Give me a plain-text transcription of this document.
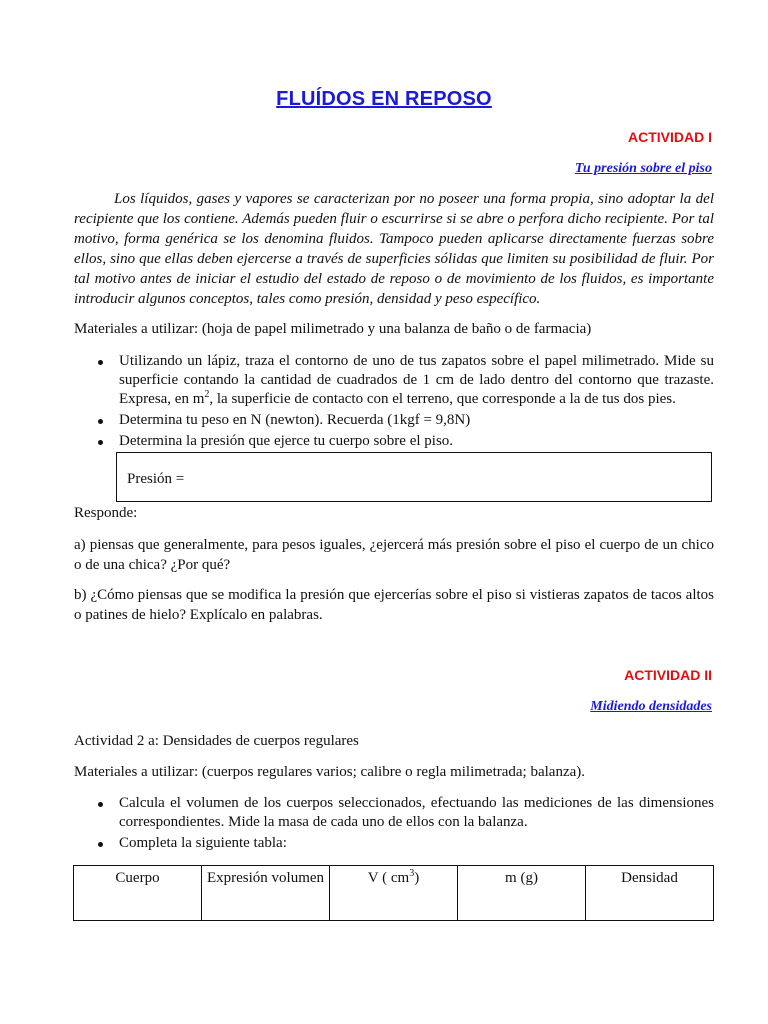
FLUÍDOS EN REPOSO
ACTIVIDAD I
Tu presión sobre el piso

Los líquidos, gases y vapores se caracterizan por no poseer una forma propia, sino adoptar la del recipiente que los contiene. Además pueden fluir o escurrirse si se abre o perfora dicho recipiente. Por tal motivo, forma genérica se los denomina fluidos. Tampoco pueden aplicarse directamente fuerzas sobre ellos, sino que ellas deben ejercerse a través de superficies sólidas que limiten su posibilidad de fluir. Por tal motivo antes de iniciar el estudio del estado de reposo o de movimiento de los fluidos, es importante introducir algunos conceptos, tales como presión, densidad y peso específico.

Materiales a utilizar: (hoja de papel milimetrado y una balanza de baño o de farmacia)

Utilizando un lápiz, traza el contorno de uno de tus zapatos sobre el papel milimetrado. Mide su superficie contando la cantidad de cuadrados de 1 cm de lado dentro del contorno que trazaste. Expresa, en $m^2$, la superficie de contacto con el terreno, que corresponde a la de tus dos pies.
Determina tu peso en N (newton). Recuerda (1kgf = 9,8N)
Determina la presión que ejerce tu cuerpo sobre el piso.
Presión =

Responde:

a) piensas que generalmente, para pesos iguales, ¿ejercerá más presión sobre el piso el cuerpo de un chico o de una chica? ¿Por qué?

b) ¿Cómo piensas que se modifica la presión que ejercerías sobre el piso si vistieras zapatos de tacos altos o patines de hielo? Explícalo en palabras.

ACTIVIDAD II
Midiendo densidades

Actividad 2 a: Densidades de cuerpos regulares

Materiales a utilizar: (cuerpos regulares varios; calibre o regla milimetrada; balanza).

Calcula el volumen de los cuerpos seleccionados, efectuando las mediciones de las dimensiones correspondientes. Mide la masa de cada uno de ellos con la balanza.
Completa la siguiente tabla:
Cuerpo	Expresión volumen	V ( $cm^3$)	m (g)	Densidad
